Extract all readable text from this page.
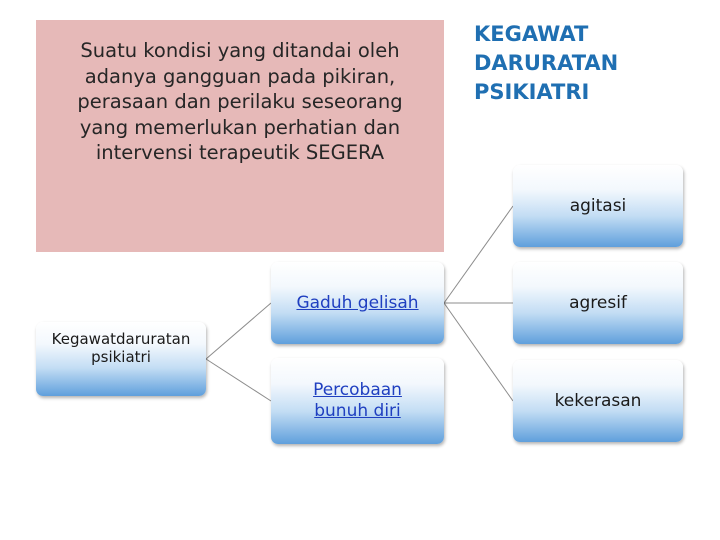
Suatu kondisi yang ditandai oleh
adanya gangguan pada pikiran,
perasaan dan perilaku seseorang
yang memerlukan perhatian dan
intervensi terapeutik SEGERA
KEGAWAT
DARURATAN
PSIKIATRI
Kegawatdaruratan
psikiatri
Gaduh gelisah
Percobaan
bunuh diri
agitasi
agresif
kekerasan
